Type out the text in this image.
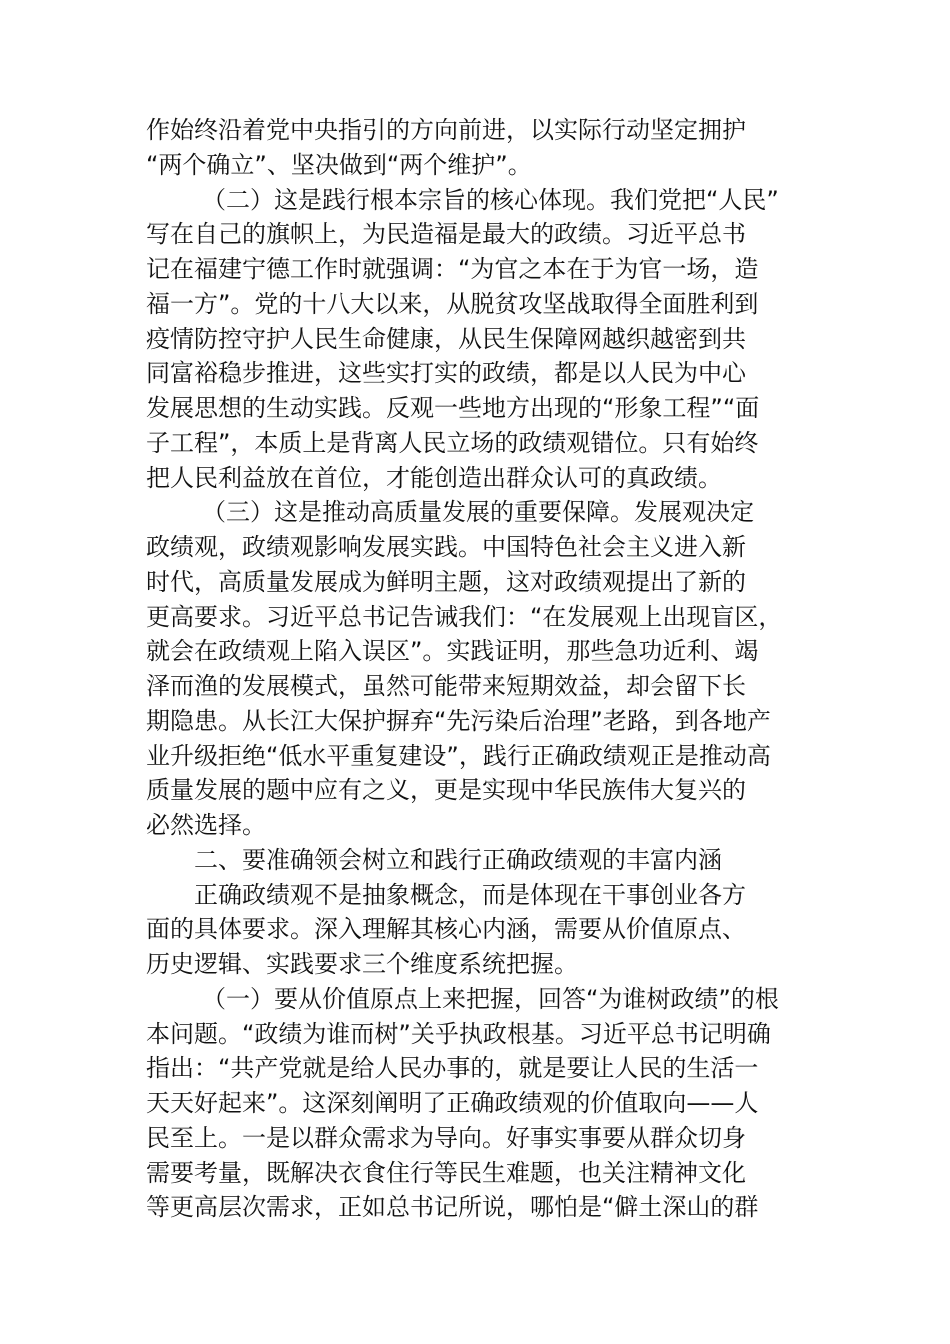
作始终沿着党中央指引的方向前进，以实际行动坚定拥护
“两个确立”、坚决做到“两个维护”。
（二）这是践行根本宗旨的核心体现。我们党把“人民”
写在自己的旗帜上，为民造福是最大的政绩。习近平总书
记在福建宁德工作时就强调：“为官之本在于为官一场，造
福一方”。党的十八大以来，从脱贫攻坚战取得全面胜利到
疫情防控守护人民生命健康，从民生保障网越织越密到共
同富裕稳步推进，这些实打实的政绩，都是以人民为中心
发展思想的生动实践。反观一些地方出现的“形象工程”“面
子工程”，本质上是背离人民立场的政绩观错位。只有始终
把人民利益放在首位，才能创造出群众认可的真政绩。
（三）这是推动高质量发展的重要保障。发展观决定
政绩观，政绩观影响发展实践。中国特色社会主义进入新
时代，高质量发展成为鲜明主题，这对政绩观提出了新的
更高要求。习近平总书记告诫我们：“在发展观上出现盲区，
就会在政绩观上陷入误区”。实践证明，那些急功近利、竭
泽而渔的发展模式，虽然可能带来短期效益，却会留下长
期隐患。从长江大保护摒弃“先污染后治理”老路，到各地产
业升级拒绝“低水平重复建设”，践行正确政绩观正是推动高
质量发展的题中应有之义，更是实现中华民族伟大复兴的
必然选择。
二、要准确领会树立和践行正确政绩观的丰富内涵
正确政绩观不是抽象概念，而是体现在干事创业各方
面的具体要求。深入理解其核心内涵，需要从价值原点、
历史逻辑、实践要求三个维度系统把握。
（一）要从价值原点上来把握，回答“为谁树政绩”的根
本问题。“政绩为谁而树”关乎执政根基。习近平总书记明确
指出：“共产党就是给人民办事的，就是要让人民的生活一
天天好起来”。这深刻阐明了正确政绩观的价值取向——人
民至上。一是以群众需求为导向。好事实事要从群众切身
需要考量，既解决衣食住行等民生难题，也关注精神文化
等更高层次需求，正如总书记所说，哪怕是“僻土深山的群
